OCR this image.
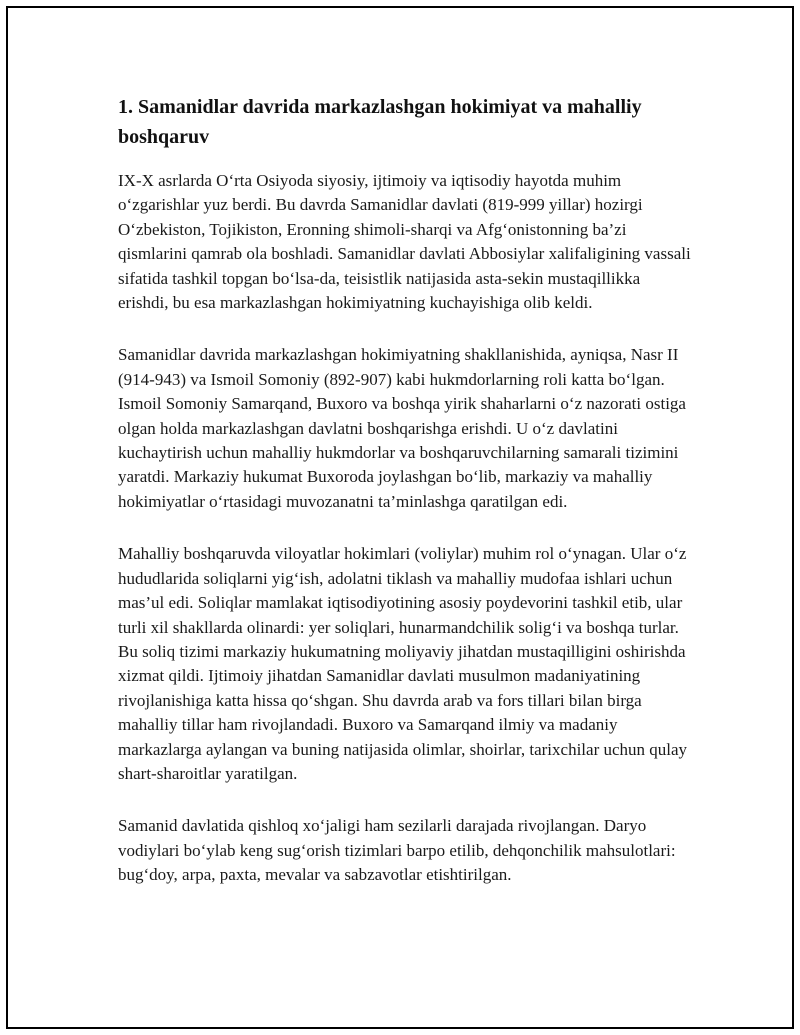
1. Samanidlar davrida markazlashgan hokimiyat va mahalliy boshqaruv

IX-X asrlarda O‘rta Osiyoda siyosiy, ijtimoiy va iqtisodiy hayotda muhim o‘zgarishlar yuz berdi. Bu davrda Samanidlar davlati (819-999 yillar) hozirgi O‘zbekiston, Tojikiston, Eronning shimoli-sharqi va Afg‘onistonning ba’zi qismlarini qamrab ola boshladi. Samanidlar davlati Abbosiylar xalifaligining vassali sifatida tashkil topgan bo‘lsa-da, teisistlik natijasida asta-sekin mustaqillikka erishdi, bu esa markazlashgan hokimiyatning kuchayishiga olib keldi.

Samanidlar davrida markazlashgan hokimiyatning shakllanishida, ayniqsa, Nasr II (914-943) va Ismoil Somoniy (892-907) kabi hukmdorlarning roli katta bo‘lgan. Ismoil Somoniy Samarqand, Buxoro va boshqa yirik shaharlarni o‘z nazorati ostiga olgan holda markazlashgan davlatni boshqarishga erishdi. U o‘z davlatini kuchaytirish uchun mahalliy hukmdorlar va boshqaruvchilarning samarali tizimini yaratdi. Markaziy hukumat Buxoroda joylashgan bo‘lib, markaziy va mahalliy hokimiyatlar o‘rtasidagi muvozanatni ta’minlashga qaratilgan edi.

Mahalliy boshqaruvda viloyatlar hokimlari (voliylar) muhim rol o‘ynagan. Ular o‘z hududlarida soliqlarni yig‘ish, adolatni tiklash va mahalliy mudofaa ishlari uchun mas’ul edi. Soliqlar mamlakat iqtisodiyotining asosiy poydevorini tashkil etib, ular turli xil shakllarda olinardi: yer soliqlari, hunarmandchilik solig‘i va boshqa turlar. Bu soliq tizimi markaziy hukumatning moliyaviy jihatdan mustaqilligini oshirishda xizmat qildi. Ijtimoiy jihatdan Samanidlar davlati musulmon madaniyatining rivojlanishiga katta hissa qo‘shgan. Shu davrda arab va fors tillari bilan birga mahalliy tillar ham rivojlandadi. Buxoro va Samarqand ilmiy va madaniy markazlarga aylangan va buning natijasida olimlar, shoirlar, tarixchilar uchun qulay shart-sharoitlar yaratilgan.

Samanid davlatida qishloq xo‘jaligi ham sezilarli darajada rivojlangan. Daryo vodiylari bo‘ylab keng sug‘orish tizimlari barpo etilib, dehqonchilik mahsulotlari: bug‘doy, arpa, paxta, mevalar va sabzavotlar etishtirilgan.
